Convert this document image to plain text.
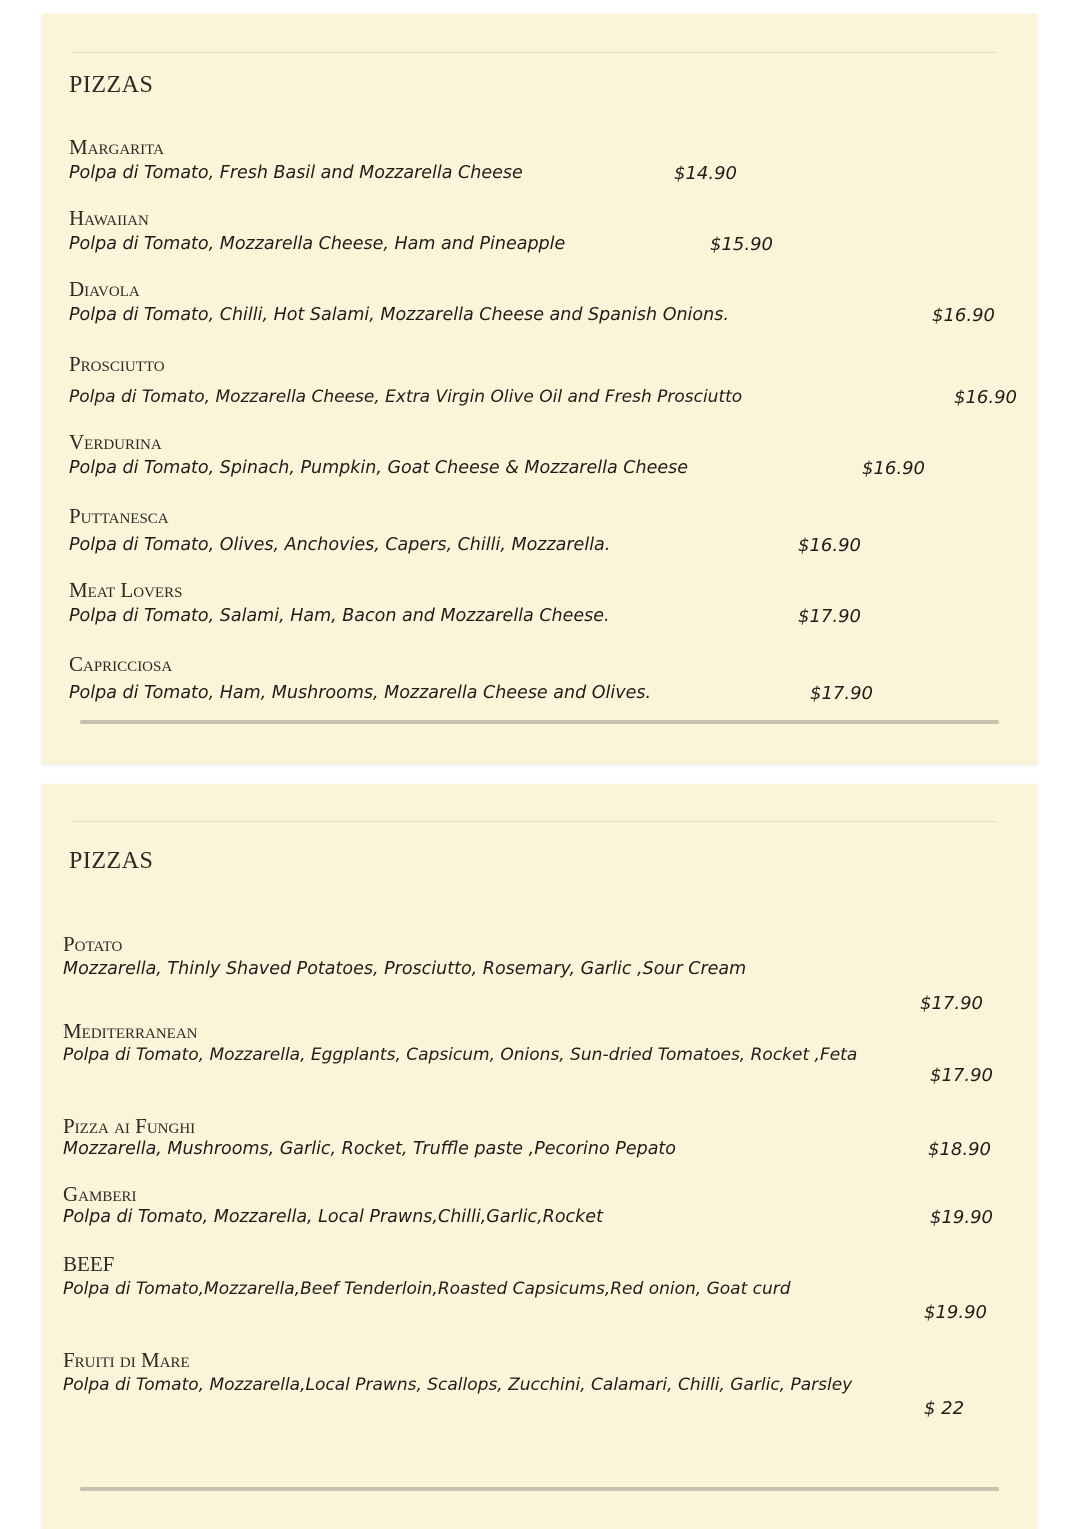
PIZZAS
Margarita
Polpa di Tomato, Fresh Basil and Mozzarella Cheese	$14.90
Hawaiian
Polpa di Tomato, Mozzarella Cheese, Ham and Pineapple	$15.90
Diavola
Polpa di Tomato, Chilli, Hot Salami, Mozzarella Cheese and Spanish Onions.	$16.90
Prosciutto
Polpa di Tomato, Mozzarella Cheese, Extra Virgin Olive Oil and Fresh Prosciutto	$16.90
Verdurina
Polpa di Tomato, Spinach, Pumpkin, Goat Cheese & Mozzarella Cheese	$16.90
Puttanesca
Polpa di Tomato, Olives, Anchovies, Capers, Chilli, Mozzarella.	$16.90
Meat Lovers
Polpa di Tomato, Salami, Ham, Bacon and Mozzarella Cheese.	$17.90
Capricciosa
Polpa di Tomato, Ham, Mushrooms, Mozzarella Cheese and Olives.	$17.90
PIZZAS
Potato
Mozzarella, Thinly Shaved Potatoes, Prosciutto, Rosemary, Garlic ,Sour Cream
$17.90
Mediterranean
Polpa di Tomato, Mozzarella, Eggplants, Capsicum, Onions, Sun-dried Tomatoes, Rocket ,Feta
$17.90
Pizza ai Funghi
Mozzarella, Mushrooms, Garlic, Rocket, Truffle paste ,Pecorino Pepato	$18.90
Gamberi
Polpa di Tomato, Mozzarella, Local Prawns,Chilli,Garlic,Rocket	$19.90
BEEF
Polpa di Tomato,Mozzarella,Beef Tenderloin,Roasted Capsicums,Red onion, Goat curd
$19.90
Fruiti di Mare
Polpa di Tomato, Mozzarella,Local Prawns, Scallops, Zucchini, Calamari, Chilli, Garlic, Parsley
$ 22
